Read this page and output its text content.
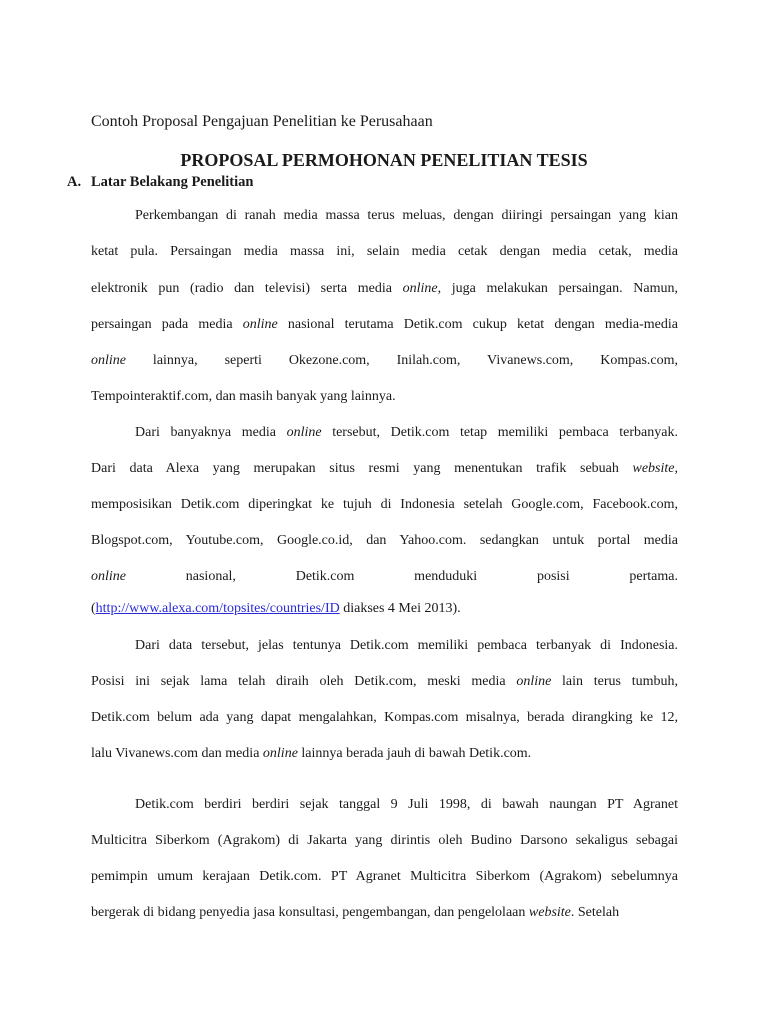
Contoh Proposal Pengajuan Penelitian ke Perusahaan
PROPOSAL PERMOHONAN PENELITIAN TESIS
A. Latar Belakang Penelitian
Perkembangan di ranah media massa terus meluas, dengan diiringi persaingan yang kian
ketat pula. Persaingan media massa ini, selain media cetak dengan media cetak, media
elektronik pun (radio dan televisi) serta media online, juga melakukan persaingan. Namun,
persaingan pada media online nasional terutama Detik.com cukup ketat dengan media-media
online lainnya, seperti Okezone.com, Inilah.com, Vivanews.com, Kompas.com,
Tempointeraktif.com, dan masih banyak yang lainnya.
Dari banyaknya media online tersebut, Detik.com tetap memiliki pembaca terbanyak.
Dari data Alexa yang merupakan situs resmi yang menentukan trafik sebuah website,
memposisikan Detik.com diperingkat ke tujuh di Indonesia setelah Google.com, Facebook.com,
Blogspot.com, Youtube.com, Google.co.id, dan Yahoo.com. sedangkan untuk portal media
online nasional, Detik.com menduduki posisi pertama.
(http://www.alexa.com/topsites/countries/ID diakses 4 Mei 2013).
Dari data tersebut, jelas tentunya Detik.com memiliki pembaca terbanyak di Indonesia.
Posisi ini sejak lama telah diraih oleh Detik.com, meski media online lain terus tumbuh,
Detik.com belum ada yang dapat mengalahkan, Kompas.com misalnya, berada dirangking ke 12,
lalu Vivanews.com dan media online lainnya berada jauh di bawah Detik.com.
Detik.com berdiri berdiri sejak tanggal 9 Juli 1998, di bawah naungan PT Agranet
Multicitra Siberkom (Agrakom) di Jakarta yang dirintis oleh Budino Darsono sekaligus sebagai
pemimpin umum kerajaan Detik.com. PT Agranet Multicitra Siberkom (Agrakom) sebelumnya
bergerak di bidang penyedia jasa konsultasi, pengembangan, dan pengelolaan website. Setelah
